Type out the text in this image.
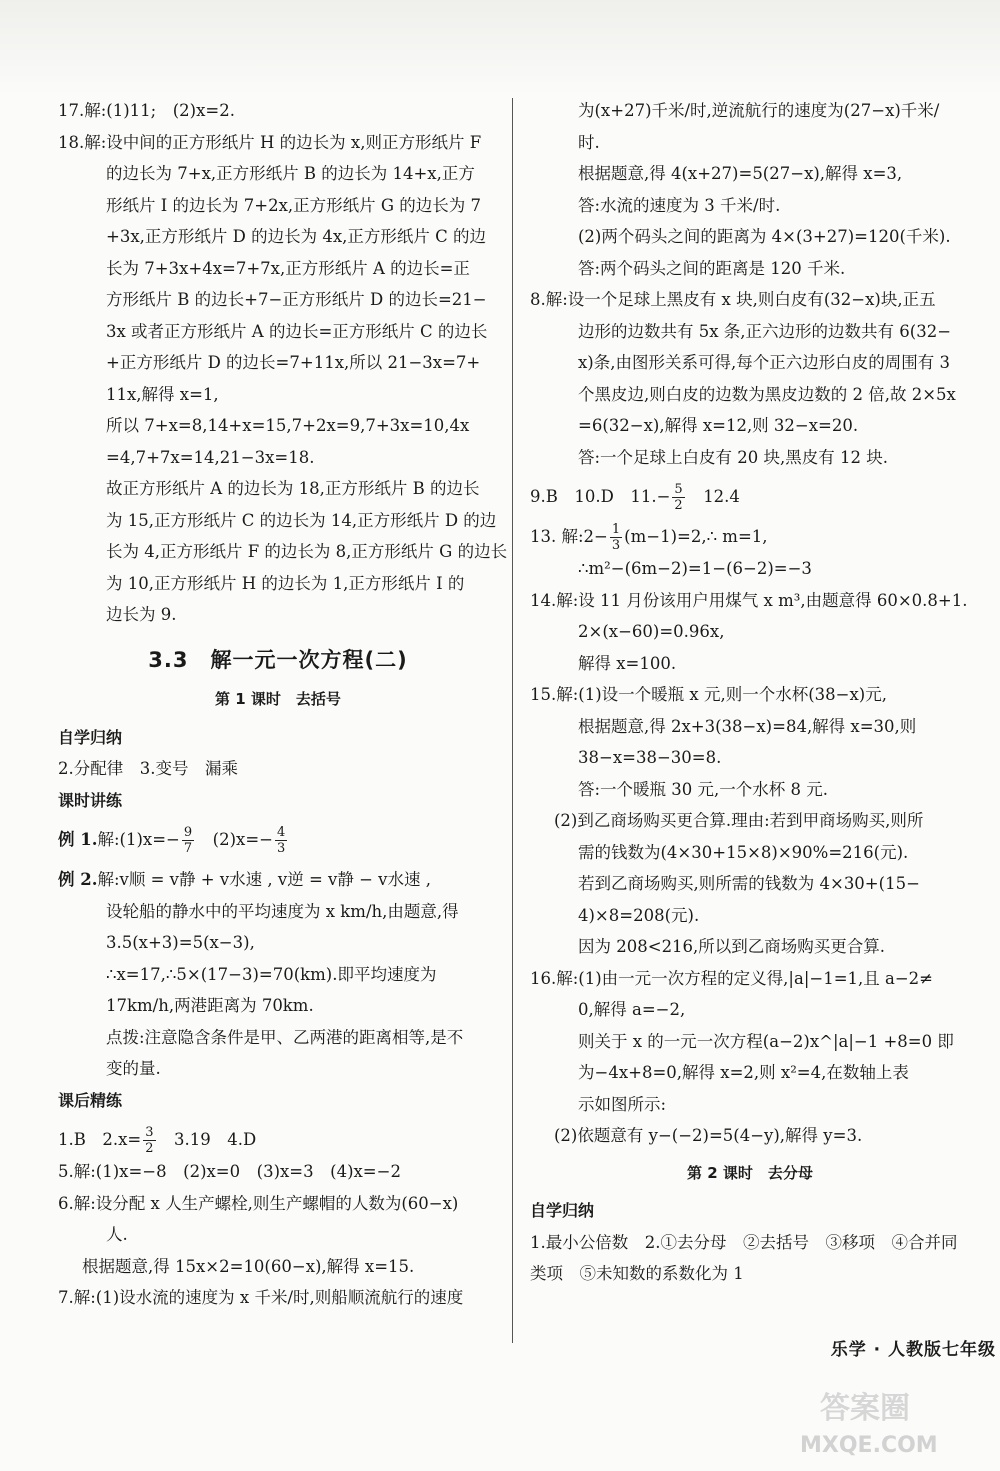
17.解:(1)11;　(2)x=2.

18.解:设中间的正方形纸片 H 的边长为 x,则正方形纸片 F

的边长为 7+x,正方形纸片 B 的边长为 14+x,正方

形纸片 I 的边长为 7+2x,正方形纸片 G 的边长为 7

+3x,正方形纸片 D 的边长为 4x,正方形纸片 C 的边

长为 7+3x+4x=7+7x,正方形纸片 A 的边长=正

方形纸片 B 的边长+7−正方形纸片 D 的边长=21−

3x 或者正方形纸片 A 的边长=正方形纸片 C 的边长

+正方形纸片 D 的边长=7+11x,所以 21−3x=7+

11x,解得 x=1,

所以 7+x=8,14+x=15,7+2x=9,7+3x=10,4x

=4,7+7x=14,21−3x=18.

故正方形纸片 A 的边长为 18,正方形纸片 B 的边长

为 15,正方形纸片 C 的边长为 14,正方形纸片 D 的边

长为 4,正方形纸片 F 的边长为 8,正方形纸片 G 的边长

为 10,正方形纸片 H 的边长为 1,正方形纸片 I 的

边长为 9.

3.3　解一元一次方程(二)
第 1 课时　去括号

自学归纳

2.分配律　3.变号　漏乘

课时讲练

例 1.解:(1)x=− $\frac{9}{7}$ 　$(2)x=- \frac{4}{3}$

例 2.解:v顺 = v静 + v水速 , v逆 = v静 − v水速 ,

设轮船的静水中的平均速度为 x km/h,由题意,得

3.5(x+3)=5(x−3),

∴x=17,∴5×(17−3)=70(km).即平均速度为

17km/h,两港距离为 70km.

点拨:注意隐含条件是甲、乙两港的距离相等,是不

变的量.

课后精练

1.B　$2.x= \frac{3}{2}$ 　3.19　4.D

5.解:(1)x=−8　(2)x=0　(3)x=3　(4)x=−2

6.解:设分配 x 人生产螺栓,则生产螺帽的人数为(60−x)

人.

根据题意,得 15x×2=10(60−x),解得 x=15.

7.解:(1)设水流的速度为 x 千米/时,则船顺流航行的速度

为(x+27)千米/时,逆流航行的速度为(27−x)千米/

时.

根据题意,得 4(x+27)=5(27−x),解得 x=3,

答:水流的速度为 3 千米/时.

(2)两个码头之间的距离为 4×(3+27)=120(千米).

答:两个码头之间的距离是 120 千米.

8.解:设一个足球上黑皮有 x 块,则白皮有(32−x)块,正五

边形的边数共有 5x 条,正六边形的边数共有 6(32−

x)条,由图形关系可得,每个正六边形白皮的周围有 3

个黑皮边,则白皮的边数为黑皮边数的 2 倍,故 2×5x

=6(32−x),解得 x=12,则 32−x=20.

答:一个足球上白皮有 20 块,黑皮有 12 块.

9.B　10.D　$11.- \frac{5}{2}$ 　12.4

13. 解:2− $\frac{1}{3}$ (m−1)=2,∴ m=1,

∴m²−(6m−2)=1−(6−2)=−3

14.解:设 11 月份该用户用煤气 x m³,由题意得 60×0.8+1.

2×(x−60)=0.96x,

解得 x=100.

15.解:(1)设一个暖瓶 x 元,则一个水杯(38−x)元,

根据题意,得 2x+3(38−x)=84,解得 x=30,则

38−x=38−30=8.

答:一个暖瓶 30 元,一个水杯 8 元.

(2)到乙商场购买更合算.理由:若到甲商场购买,则所

需的钱数为(4×30+15×8)×90%=216(元).

若到乙商场购买,则所需的钱数为 4×30+(15−

4)×8=208(元).

因为 208<216,所以到乙商场购买更合算.

16.解:(1)由一元一次方程的定义得,|a|−1=1,且 a−2≠

0,解得 a=−2,

则关于 x 的一元一次方程(a−2)x^|a|−1 +8=0 即

为−4x+8=0,解得 x=2,则 x²=4,在数轴上表

示如图所示:

(2)依题意有 y−(−2)=5(4−y),解得 y=3.

第 2 课时　去分母

自学归纳

1.最小公倍数　2.①去分母　②去括号　③移项　④合并同

类项　⑤未知数的系数化为 1

乐学 · 人教版七年级
答案圈
MXQE.COM
